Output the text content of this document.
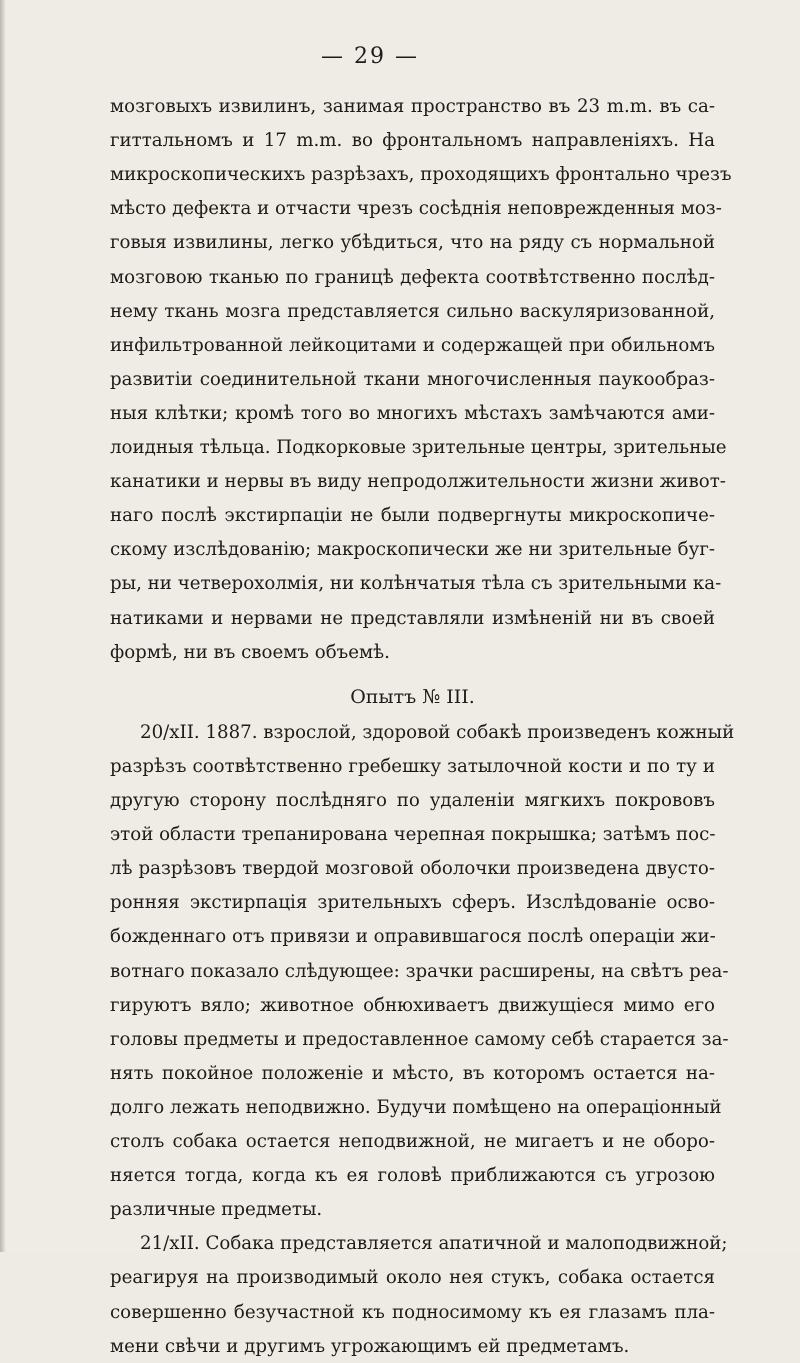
— 29 —
мозговыхъ извилинъ, занимая пространство въ 23 m.m. въ са-
гиттальномъ и 17 m.m. во фронтальномъ направленіяхъ. На
микроскопическихъ разрѣзахъ, проходящихъ фронтально чрезъ
мѣсто дефекта и отчасти чрезъ сосѣднія неповрежденныя моз-
говыя извилины, легко убѣдиться, что на ряду съ нормальной
мозговою тканью по границѣ дефекта соотвѣтственно послѣд-
нему ткань мозга представляется сильно васкуляризованной,
инфильтрованной лейкоцитами и содержащей при обильномъ
развитіи соединительной ткани многочисленныя паукообраз-
ныя клѣтки; кромѣ того во многихъ мѣстахъ замѣчаются ами-
лоидныя тѣльца. Подкорковые зрительные центры, зрительные
канатики и нервы въ виду непродолжительности жизни живот-
наго послѣ экстирпаціи не были подвергнуты микроскопиче-
скому изслѣдованію; макроскопически же ни зрительные буг-
ры, ни четверохолмія, ни колѣнчатыя тѣла съ зрительными ка-
натиками и нервами не представляли измѣненій ни въ своей
формѣ, ни въ своемъ объемѣ.
Опытъ № III.
20/xII. 1887. взрослой, здоровой собакѣ произведенъ кожный
разрѣзъ соотвѣтственно гребешку затылочной кости и по ту и
другую сторону послѣдняго по удаленіи мягкихъ покрововъ
этой области трепанирована черепная покрышка; затѣмъ пос-
лѣ разрѣзовъ твердой мозговой оболочки произведена двусто-
ронняя экстирпація зрительныхъ сферъ. Изслѣдованіе осво-
божденнаго отъ привязи и оправившагося послѣ операціи жи-
вотнаго показало слѣдующее: зрачки расширены, на свѣтъ реа-
гируютъ вяло; животное обнюхиваетъ движущіеся мимо его
головы предметы и предоставленное самому себѣ старается за-
нять покойное положеніе и мѣсто, въ которомъ остается на-
долго лежать неподвижно. Будучи помѣщено на операціонный
столъ собака остается неподвижной, не мигаетъ и не оборо-
няется тогда, когда къ ея головѣ приближаются съ угрозою
различные предметы.
21/xII. Собака представляется апатичной и малоподвижной;
реагируя на производимый около нея стукъ, собака остается
совершенно безучастной къ подносимому къ ея глазамъ пла-
мени свѣчи и другимъ угрожающимъ ей предметамъ.
